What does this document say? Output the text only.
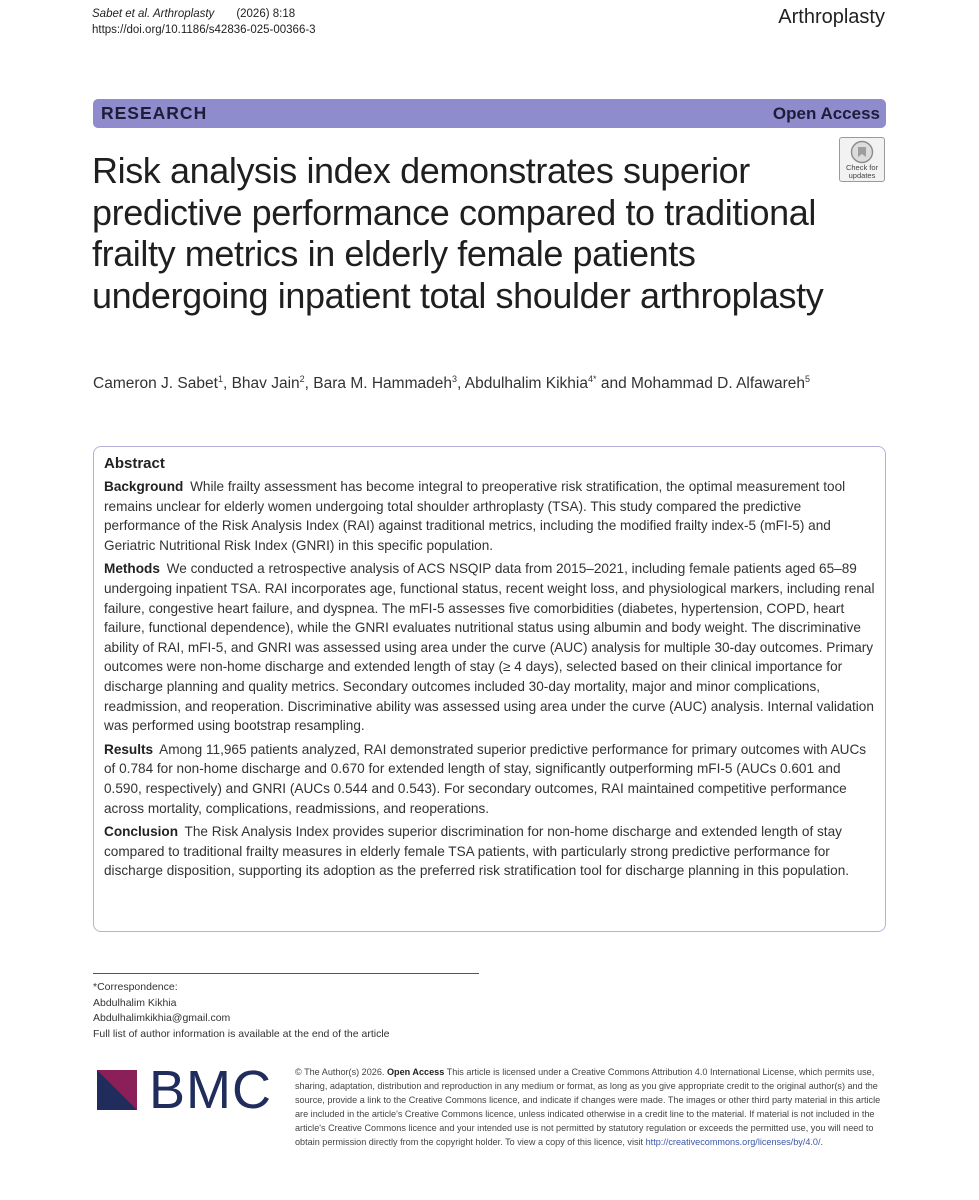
Sabet et al. Arthroplasty (2026) 8:18
https://doi.org/10.1186/s42836-025-00366-3
Arthroplasty
RESEARCH	Open Access
Check for
updates
Risk analysis index demonstrates superior predictive performance compared to traditional frailty metrics in elderly female patients undergoing inpatient total shoulder arthroplasty
Cameron J. Sabet$^1$, Bhav Jain$^2$, Bara M. Hammadeh$^3$, Abdulhalim Kikhia$^{4*}$ and Mohammad D. Alfawareh$^5$
Abstract

Background While frailty assessment has become integral to preoperative risk stratification, the optimal measurement tool remains unclear for elderly women undergoing total shoulder arthroplasty (TSA). This study compared the predictive performance of the Risk Analysis Index (RAI) against traditional metrics, including the modified frailty index-5 (mFI-5) and Geriatric Nutritional Risk Index (GNRI) in this specific population.

Methods We conducted a retrospective analysis of ACS NSQIP data from 2015–2021, including female patients aged 65–89 undergoing inpatient TSA. RAI incorporates age, functional status, recent weight loss, and physiological markers, including renal failure, congestive heart failure, and dyspnea. The mFI-5 assesses five comorbidities (diabetes, hypertension, COPD, heart failure, functional dependence), while the GNRI evaluates nutritional status using albumin and body weight. The discriminative ability of RAI, mFI-5, and GNRI was assessed using area under the curve (AUC) analysis for multiple 30-day outcomes. Primary outcomes were non-home discharge and extended length of stay (≥ 4 days), selected based on their clinical importance for discharge planning and quality metrics. Secondary outcomes included 30-day mortality, major and minor complications, readmission, and reoperation. Discriminative ability was assessed using area under the curve (AUC) analysis. Internal validation was performed using bootstrap resampling.

Results Among 11,965 patients analyzed, RAI demonstrated superior predictive performance for primary outcomes with AUCs of 0.784 for non-home discharge and 0.670 for extended length of stay, significantly outperforming mFI-5 (AUCs 0.601 and 0.590, respectively) and GNRI (AUCs 0.544 and 0.543). For secondary outcomes, RAI maintained competitive performance across mortality, complications, readmissions, and reoperations.

Conclusion The Risk Analysis Index provides superior discrimination for non-home discharge and extended length of stay compared to traditional frailty measures in elderly female TSA patients, with particularly strong predictive performance for discharge disposition, supporting its adoption as the preferred risk stratification tool for discharge planning in this population.

*Correspondence:
Abdulhalim Kikhia
Abdulhalimkikhia@gmail.com
Full list of author information is available at the end of the article
BMC	© The Author(s) 2026. Open Access This article is licensed under a Creative Commons Attribution 4.0 International License, which permits use, sharing, adaptation, distribution and reproduction in any medium or format, as long as you give appropriate credit to the original author(s) and the source, provide a link to the Creative Commons licence, and indicate if changes were made. The images or other third party material in this article are included in the article's Creative Commons licence, unless indicated otherwise in a credit line to the material. If material is not included in the article's Creative Commons licence and your intended use is not permitted by statutory regulation or exceeds the permitted use, you will need to obtain permission directly from the copyright holder. To view a copy of this licence, visit http://creativecommons.org/licenses/by/4.0/.
